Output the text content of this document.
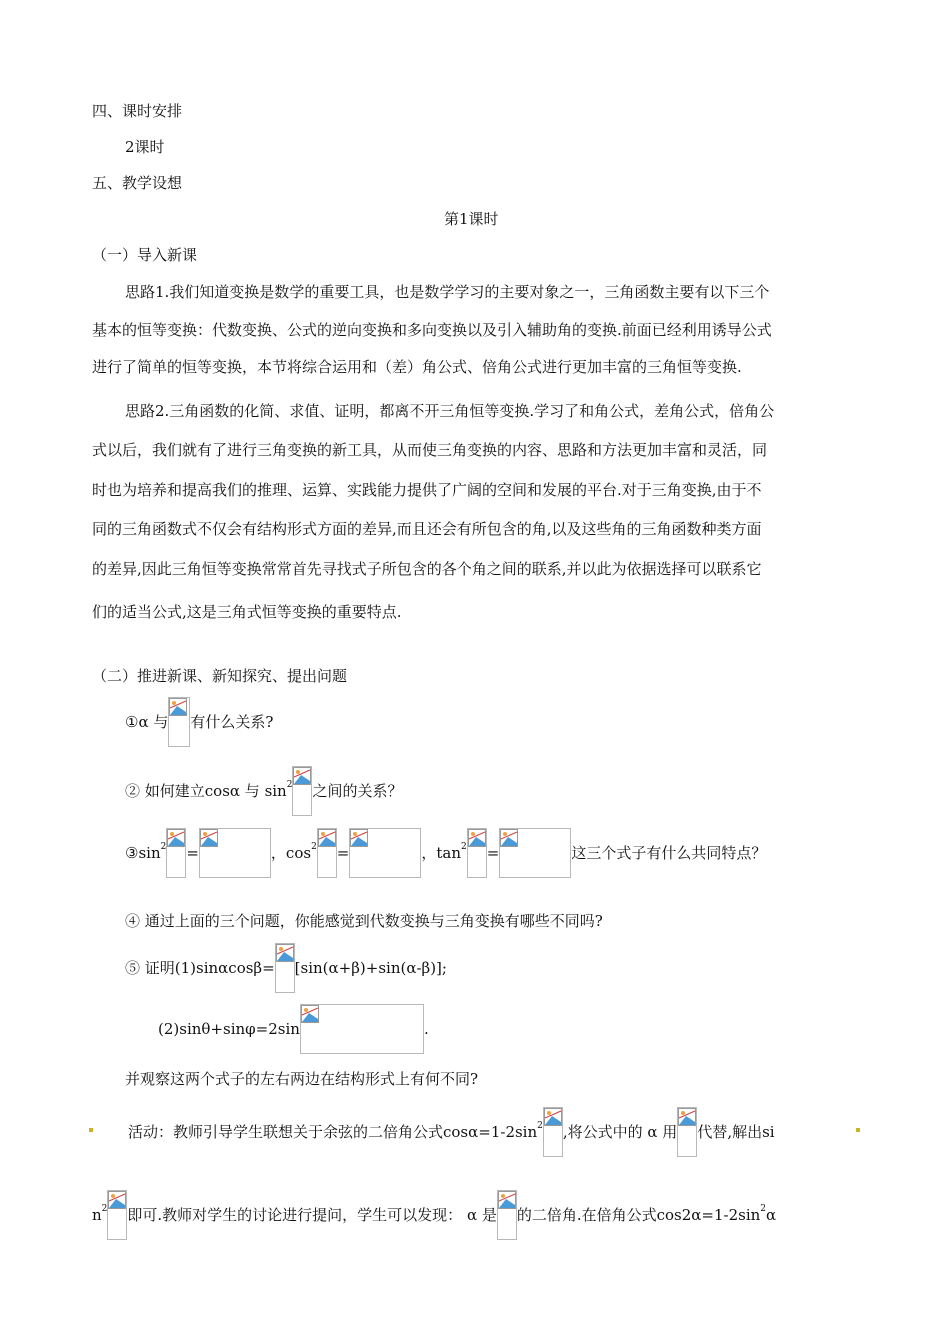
四、课时安排
2课时
五、教学设想
第1课时
（一）导入新课
思路1.我们知道变换是数学的重要工具，也是数学学习的主要对象之一，三角函数主要有以下三个
基本的恒等变换：代数变换、公式的逆向变换和多向变换以及引入辅助角的变换.前面已经利用诱导公式
进行了简单的恒等变换，本节将综合运用和（差）角公式、倍角公式进行更加丰富的三角恒等变换.
思路2.三角函数的化简、求值、证明，都离不开三角恒等变换.学习了和角公式，差角公式，倍角公
式以后，我们就有了进行三角变换的新工具，从而使三角变换的内容、思路和方法更加丰富和灵活，同
时也为培养和提高我们的推理、运算、实践能力提供了广阔的空间和发展的平台.对于三角变换,由于不
同的三角函数式不仅会有结构形式方面的差异,而且还会有所包含的角,以及这些角的三角函数种类方面
的差异,因此三角恒等变换常常首先寻找式子所包含的各个角之间的联系,并以此为依据选择可以联系它
们的适当公式,这是三角式恒等变换的重要特点.
（二）推进新课、新知探究、提出问题
①α 与 有什么关系?
② 如何建立cosα 与 $\sin^2$ 之间的关系？
$③\sin^2$ =	，$\cos^2$ =	，$\tan^2$ =	这三个式子有什么共同特点？
④ 通过上面的三个问题，你能感觉到代数变换与三角变换有哪些不同吗?
⑤ 证明(1)sinαcosβ= [sin(α+β)+sin(α-β)];
(2)sinθ+sinφ=2sin	.
并观察这两个式子的左右两边在结构形式上有何不同?
活动：教师引导学生联想关于余弦的二倍角公式$\cos\alpha=1-2\sin^2$ ,将公式中的 α 用 代替,解出si
$n^2$ 即可.教师对学生的讨论进行提问，学生可以发现： α 是 的二倍角.在倍角公式$\cos 2\alpha=1-2\sin^2\alpha$
